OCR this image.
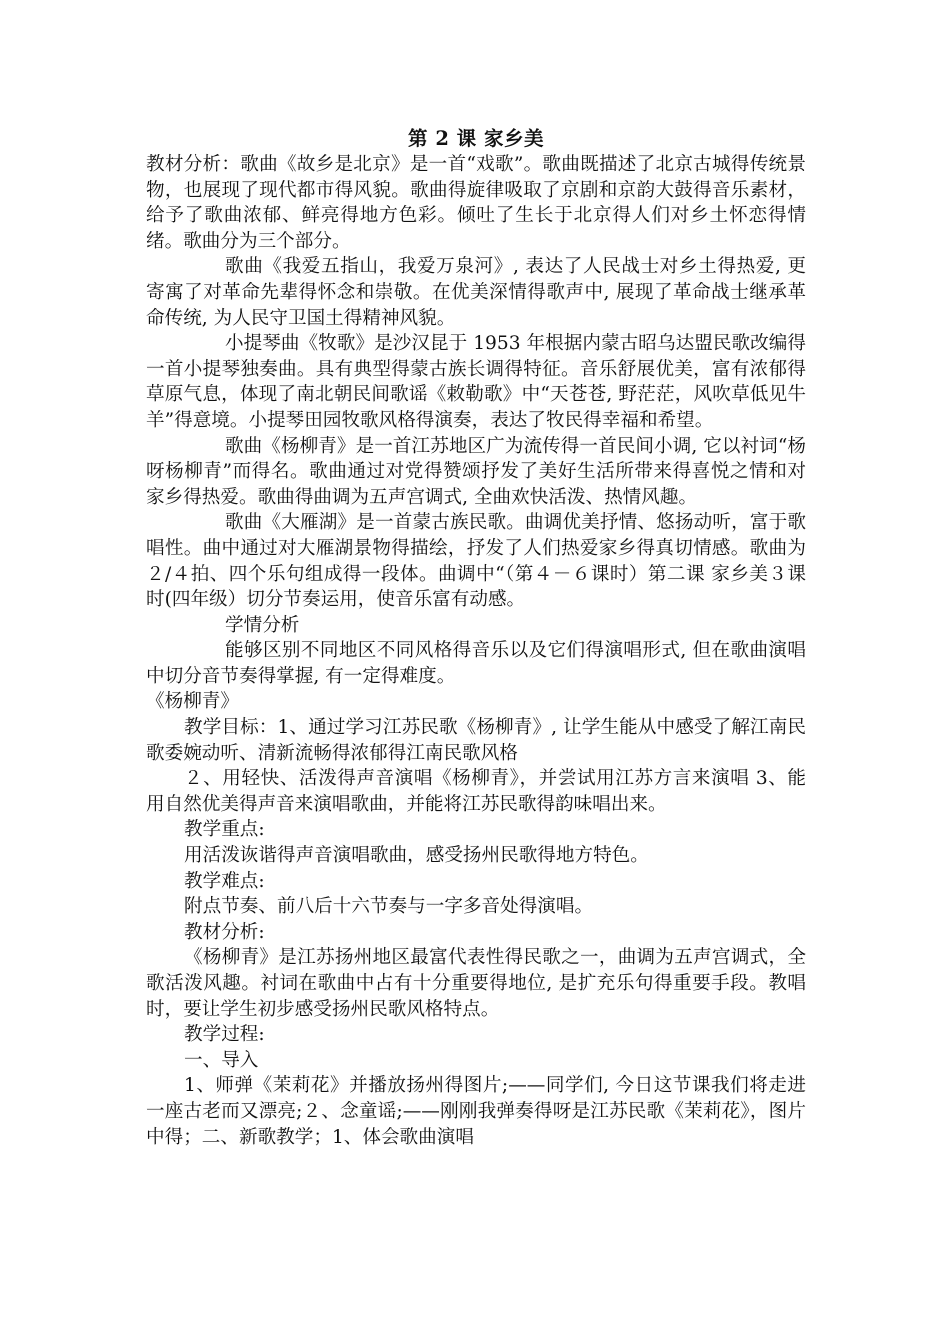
第 2 课 家乡美

教材分析：歌曲《故乡是北京》是一首“戏歌”。歌曲既描述了北京古城得传统景物，也展现了现代都市得风貌。歌曲得旋律吸取了京剧和京韵大鼓得音乐素材，给予了歌曲浓郁、鲜亮得地方色彩。倾吐了生长于北京得人们对乡土怀恋得情绪。歌曲分为三个部分。

歌曲《我爱五指山，我爱万泉河》, 表达了人民战士对乡土得热爱, 更寄寓了对革命先辈得怀念和崇敬。在优美深情得歌声中, 展现了革命战士继承革命传统, 为人民守卫国土得精神风貌。

小提琴曲《牧歌》是沙汉昆于 1953 年根据内蒙古昭乌达盟民歌改编得一首小提琴独奏曲。具有典型得蒙古族长调得特征。音乐舒展优美，富有浓郁得草原气息，体现了南北朝民间歌谣《敕勒歌》中“天苍苍, 野茫茫，风吹草低见牛羊”得意境。小提琴田园牧歌风格得演奏，表达了牧民得幸福和希望。

歌曲《杨柳青》是一首江苏地区广为流传得一首民间小调, 它以衬词“杨呀杨柳青”而得名。歌曲通过对党得赞颂抒发了美好生活所带来得喜悦之情和对家乡得热爱。歌曲得曲调为五声宫调式, 全曲欢快活泼、热情风趣。

歌曲《大雁湖》是一首蒙古族民歌。曲调优美抒情、悠扬动听，富于歌唱性。曲中通过对大雁湖景物得描绘，抒发了人们热爱家乡得真切情感。歌曲为２/４拍、四个乐句组成得一段体。曲调中“（第４－６课时）第二课 家乡美３课时(四年级）切分节奏运用，使音乐富有动感。

学情分析

能够区别不同地区不同风格得音乐以及它们得演唱形式, 但在歌曲演唱中切分音节奏得掌握, 有一定得难度。

《杨柳青》

教学目标：1、通过学习江苏民歌《杨柳青》, 让学生能从中感受了解江南民歌委婉动听、清新流畅得浓郁得江南民歌风格

２、用轻快、活泼得声音演唱《杨柳青》，并尝试用江苏方言来演唱 3、能用自然优美得声音来演唱歌曲，并能将江苏民歌得韵味唱出来。

教学重点:

用活泼诙谐得声音演唱歌曲，感受扬州民歌得地方特色。

教学难点:

附点节奏、前八后十六节奏与一字多音处得演唱。

教材分析:

《杨柳青》是江苏扬州地区最富代表性得民歌之一，曲调为五声宫调式，全歌活泼风趣。衬词在歌曲中占有十分重要得地位, 是扩充乐句得重要手段。教唱时，要让学生初步感受扬州民歌风格特点。

教学过程:

一、导入

1、师弹《茉莉花》并播放扬州得图片;——同学们, 今日这节课我们将走进一座古老而又漂亮;２、念童谣;——刚刚我弹奏得呀是江苏民歌《茉莉花》，图片中得；二、新歌教学；1、体会歌曲演唱
